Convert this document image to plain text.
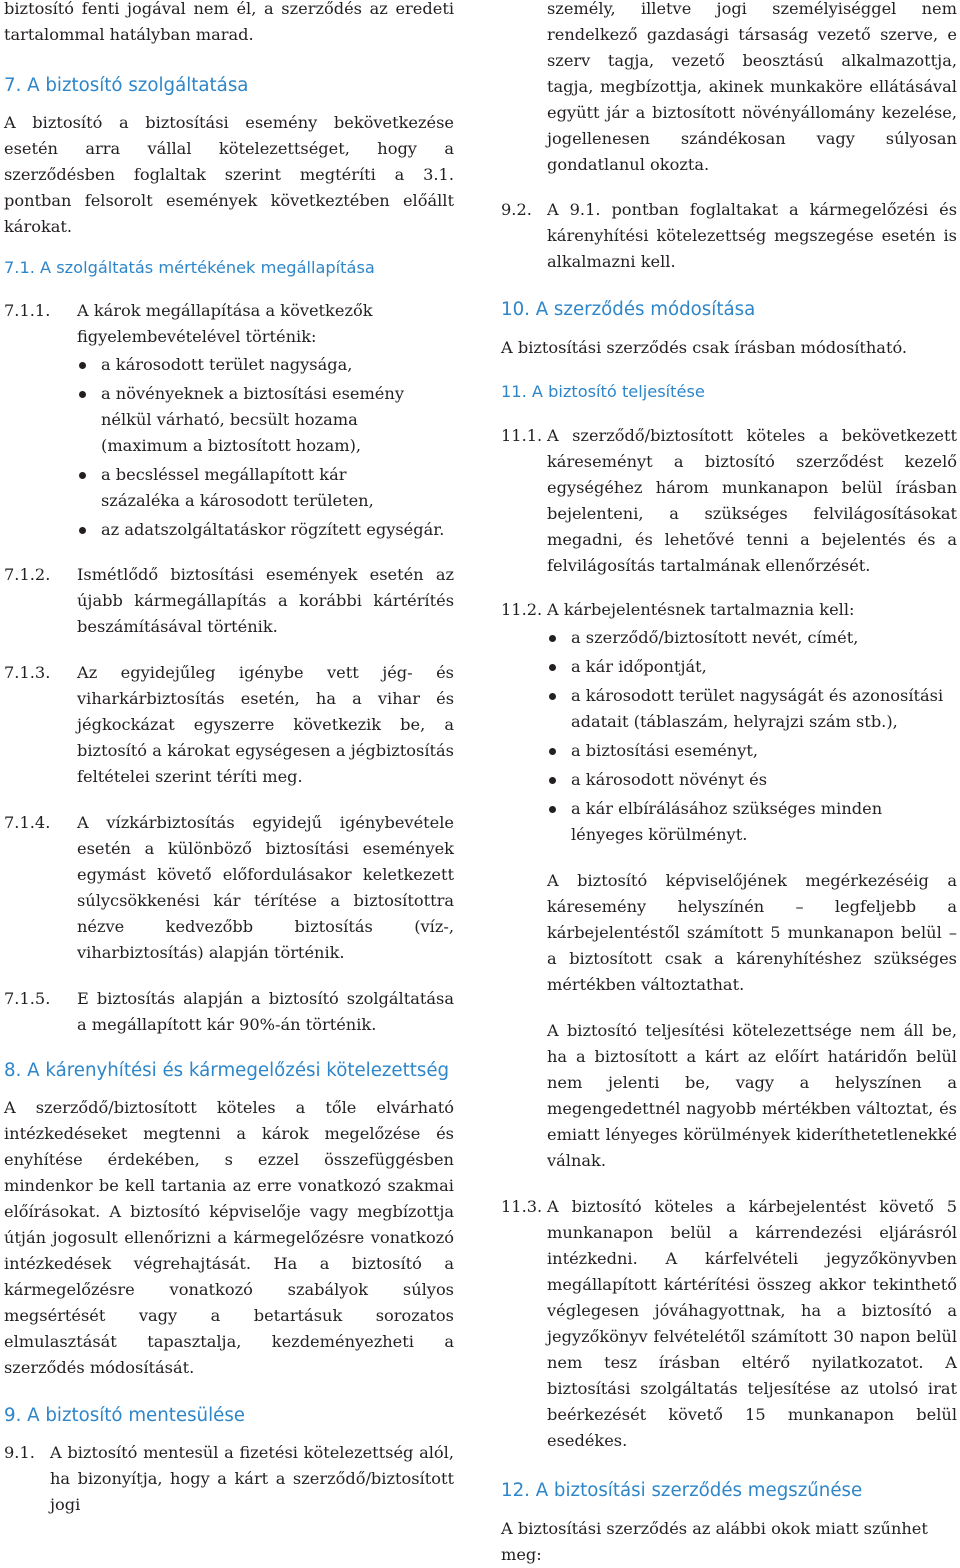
biztosító fenti jogával nem él, a szerződés az eredeti tartalommal hatályban marad.

7. A biztosító szolgáltatása

A biztosító a biztosítási esemény bekövetkezése esetén arra vállal kötelezettséget, hogy a szerződésben foglaltak szerint megtéríti a 3.1. pontban felsorolt események következtében előállt károkat.

7.1. A szolgáltatás mértékének megállapítása
7.1.1.	A károk megállapítása a következők figyelembevételével történik:

a károsodott terület nagysága,
a növényeknek a biztosítási esemény nélkül várható, becsült hozama (maximum a biztosított hozam),
a becsléssel megállapított kár százaléka a károsodott területen,
az adatszolgáltatáskor rögzített egységár.
7.1.2.	Ismétlődő biztosítási események esetén az újabb kármegállapítás a korábbi kártérítés beszámításával történik.

7.1.3.	Az egyidejűleg igénybe vett jég- és viharkárbiztosítás esetén, ha a vihar és jégkockázat egyszerre következik be, a biztosító a károkat egységesen a jégbiztosítás feltételei szerint téríti meg.

7.1.4.	A vízkárbiztosítás egyidejű igénybevétele esetén a különböző biztosítási események egymást követő előfordulásakor keletkezett súlycsökkenési kár térítése a biztosítottra nézve kedvezőbb biztosítás (víz-, viharbiztosítás) alapján történik.

7.1.5.	E biztosítás alapján a biztosító szolgáltatása a megállapított kár 90%-án történik.

8. A kárenyhítési és kármegelőzési kötelezettség

A szerződő/biztosított köteles a tőle elvárható intézkedéseket megtenni a károk megelőzése és enyhítése érdekében, s ezzel összefüggésben mindenkor be kell tartania az erre vonatkozó szakmai előírásokat. A biztosító képviselője vagy megbízottja útján jogosult ellenőrizni a kármegelőzésre vonatkozó intézkedések végrehajtását. Ha a biztosító a kármegelőzésre vonatkozó szabályok súlyos megsértését vagy a betartásuk sorozatos elmulasztását tapasztalja, kezdeményezheti a szerződés módosítását.

9. A biztosító mentesülése
9.1. A biztosító mentesül a fizetési kötelezettség alól, ha bizonyítja, hogy a kárt a szerződő/biztosított jogi

személy, illetve jogi személyiséggel nem rendelkező gazdasági társaság vezető szerve, e szerv tagja, vezető beosztású alkalmazottja, tagja, megbízottja, akinek munkaköre ellátásával együtt jár a biztosított növényállomány kezelése, jogellenesen szándékosan vagy súlyosan gondatlanul okozta.

9.2. A 9.1. pontban foglaltakat a kármegelőzési és kárenyhítési kötelezettség megszegése esetén is alkalmazni kell.

10. A szerződés módosítása

A biztosítási szerződés csak írásban módosítható.

11. A biztosító teljesítése
11.1. A szerződő/biztosított köteles a bekövetkezett káreseményt a biztosító szerződést kezelő egységéhez három munkanapon belül írásban bejelenteni, a szükséges felvilágosításokat megadni, és lehetővé tenni a bejelentés és a felvilágosítás tartalmának ellenőrzését.

11.2. A kárbejelentésnek tartalmaznia kell:

a szerződő/biztosított nevét, címét,
a kár időpontját,
a károsodott terület nagyságát és azonosítási adatait (táblaszám, helyrajzi szám stb.),
a biztosítási eseményt,
a károsodott növényt és
a kár elbírálásához szükséges minden lényeges körülményt.

A biztosító képviselőjének megérkezéséig a káresemény helyszínén – legfeljebb a kárbejelentéstől számított 5 munkanapon belül – a biztosított csak a kárenyhítéshez szükséges mértékben változtathat.

A biztosító teljesítési kötelezettsége nem áll be, ha a biztosított a kárt az előírt határidőn belül nem jelenti be, vagy a helyszínen a megengedettnél nagyobb mértékben változtat, és emiatt lényeges körülmények kideríthetetlenekké válnak.

11.3. A biztosító köteles a kárbejelentést követő 5 munkanapon belül a kárrendezési eljárásról intézkedni. A kárfelvételi jegyzőkönyvben megállapított kártérítési összeg akkor tekinthető véglegesen jóváhagyottnak, ha a biztosító a jegyzőkönyv felvételétől számított 30 napon belül nem tesz írásban eltérő nyilatkozatot. A biztosítási szolgáltatás teljesítése az utolsó irat beérkezését követő 15 munkanapon belül esedékes.

12. A biztosítási szerződés megszűnése

A biztosítási szerződés az alábbi okok miatt szűnhet meg:
